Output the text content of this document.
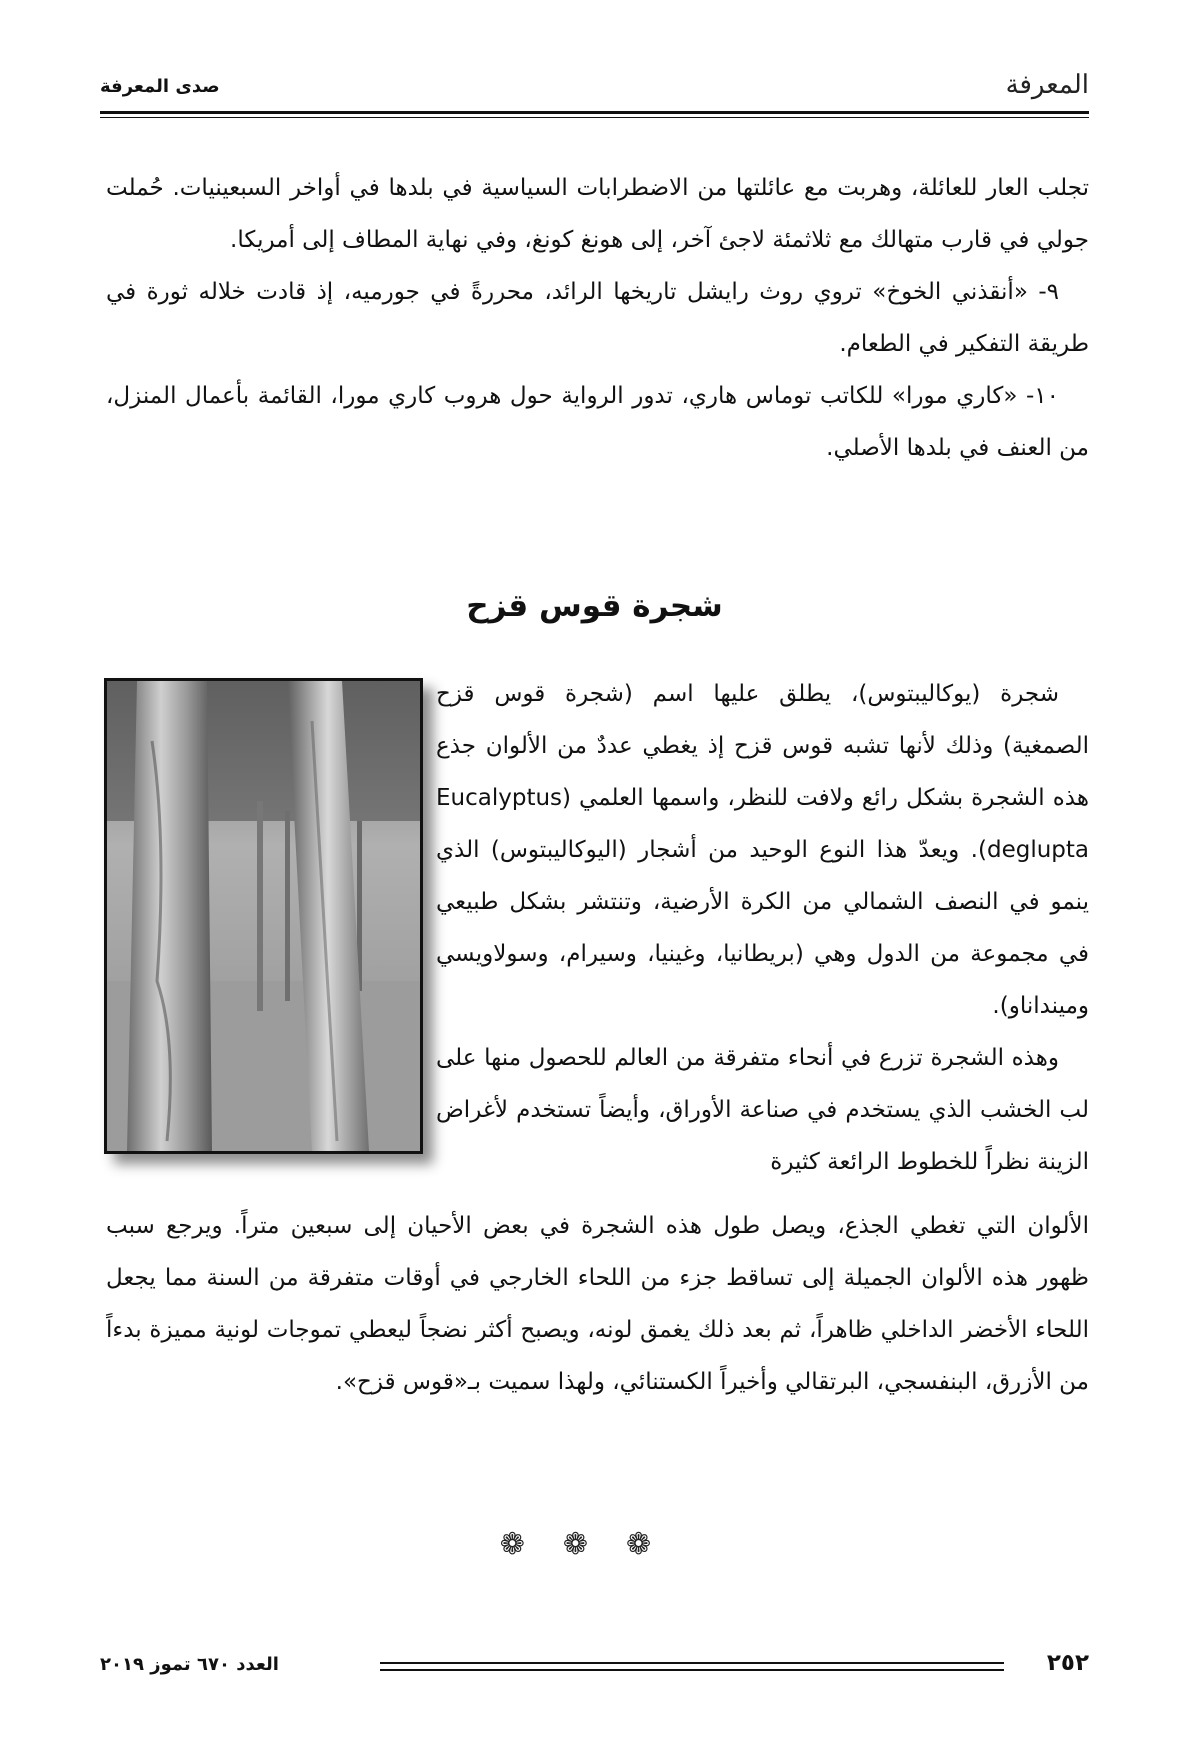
المعرفة
صدى المعرفة

تجلب العار للعائلة، وهربت مع عائلتها من الاضطرابات السياسية في بلدها في أواخر السبعينيات. حُملت جولي في قارب متهالك مع ثلاثمئة لاجئ آخر، إلى هونغ كونغ، وفي نهاية المطاف إلى أمريكا.

٩- «أنقذني الخوخ» تروي روث رايشل تاريخها الرائد، محررةً في جورميه، إذ قادت خلاله ثورة في طريقة التفكير في الطعام.

١٠- «كاري مورا» للكاتب توماس هاري، تدور الرواية حول هروب كاري مورا، القائمة بأعمال المنزل، من العنف في بلدها الأصلي.

شجرة قوس قزح

شجرة (يوكاليبتوس)، يطلق عليها اسم (شجرة قوس قزح الصمغية) وذلك لأنها تشبه قوس قزح إذ يغطي عددٌ من الألوان جذع هذه الشجرة بشكل رائع ولافت للنظر، واسمها العلمي (Eucalyptus deglupta). ويعدّ هذا النوع الوحيد من أشجار (اليوكاليبتوس) الذي ينمو في النصف الشمالي من الكرة الأرضية، وتنتشر بشكل طبيعي في مجموعة من الدول وهي (بريطانيا، وغينيا، وسيرام، وسولاويسي ومينداناو).

وهذه الشجرة تزرع في أنحاء متفرقة من العالم للحصول منها على لب الخشب الذي يستخدم في صناعة الأوراق، وأيضاً تستخدم لأغراض الزينة نظراً للخطوط الرائعة كثيرة

الألوان التي تغطي الجذع، ويصل طول هذه الشجرة في بعض الأحيان إلى سبعين متراً. ويرجع سبب ظهور هذه الألوان الجميلة إلى تساقط جزء من اللحاء الخارجي في أوقات متفرقة من السنة مما يجعل اللحاء الأخضر الداخلي ظاهراً، ثم بعد ذلك يغمق لونه، ويصبح أكثر نضجاً ليعطي تموجات لونية مميزة بدءاً من الأزرق، البنفسجي، البرتقالي وأخيراً الكستنائي، ولهذا سميت بـ«قوس قزح».

❁❁❁
٢٥٢
العدد ٦٧٠ تموز ٢٠١٩
